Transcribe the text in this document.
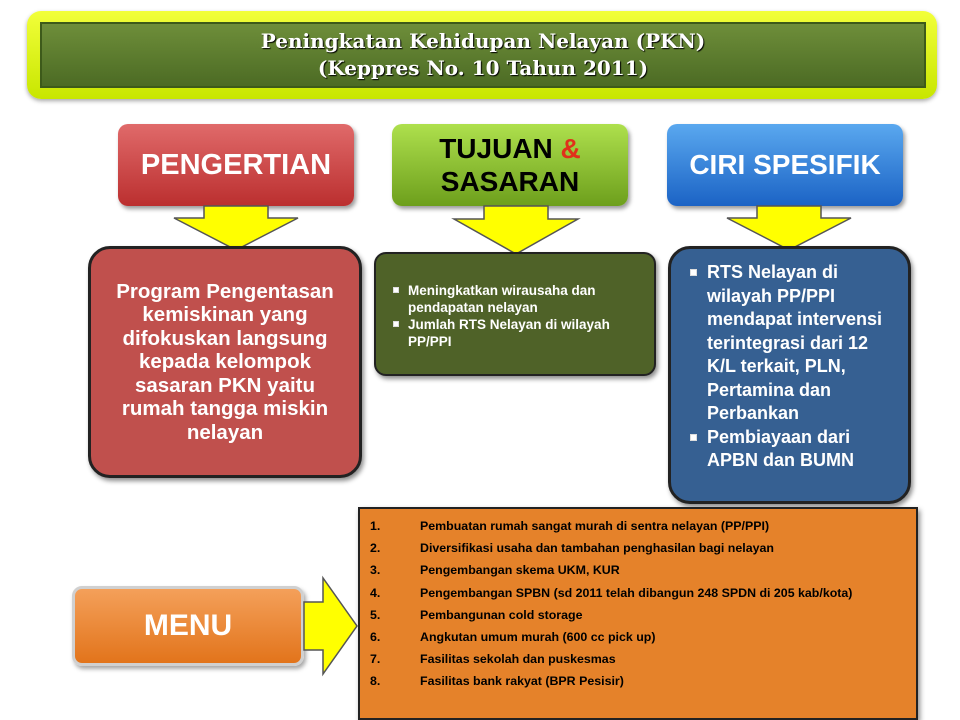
Peningkatan Kehidupan Nelayan (PKN)
(Keppres No. 10 Tahun 2011)
PENGERTIAN	TUJUAN &
SASARAN
CIRI SPESIFIK
Program Pengentasan kemiskinan yang difokuskan langsung kepada kelompok sasaran PKN yaitu rumah tangga miskin nelayan
Meningkatkan wirausaha dan pendapatan nelayan
Jumlah RTS Nelayan di wilayah PP/PPI
RTS Nelayan di wilayah PP/PPI mendapat intervensi terintegrasi dari 12 K/L terkait, PLN, Pertamina dan Perbankan
Pembiayaan dari APBN dan BUMN
MENU
1.	Pembuatan rumah sangat murah di sentra nelayan (PP/PPI)
2.	Diversifikasi usaha dan tambahan penghasilan bagi nelayan
3.	Pengembangan skema UKM, KUR
4.	Pengembangan SPBN (sd 2011 telah dibangun 248 SPDN di 205 kab/kota)
5.	Pembangunan cold storage
6.	Angkutan umum murah (600 cc pick up)
7.	Fasilitas sekolah dan puskesmas
8.	Fasilitas bank rakyat (BPR Pesisir)
